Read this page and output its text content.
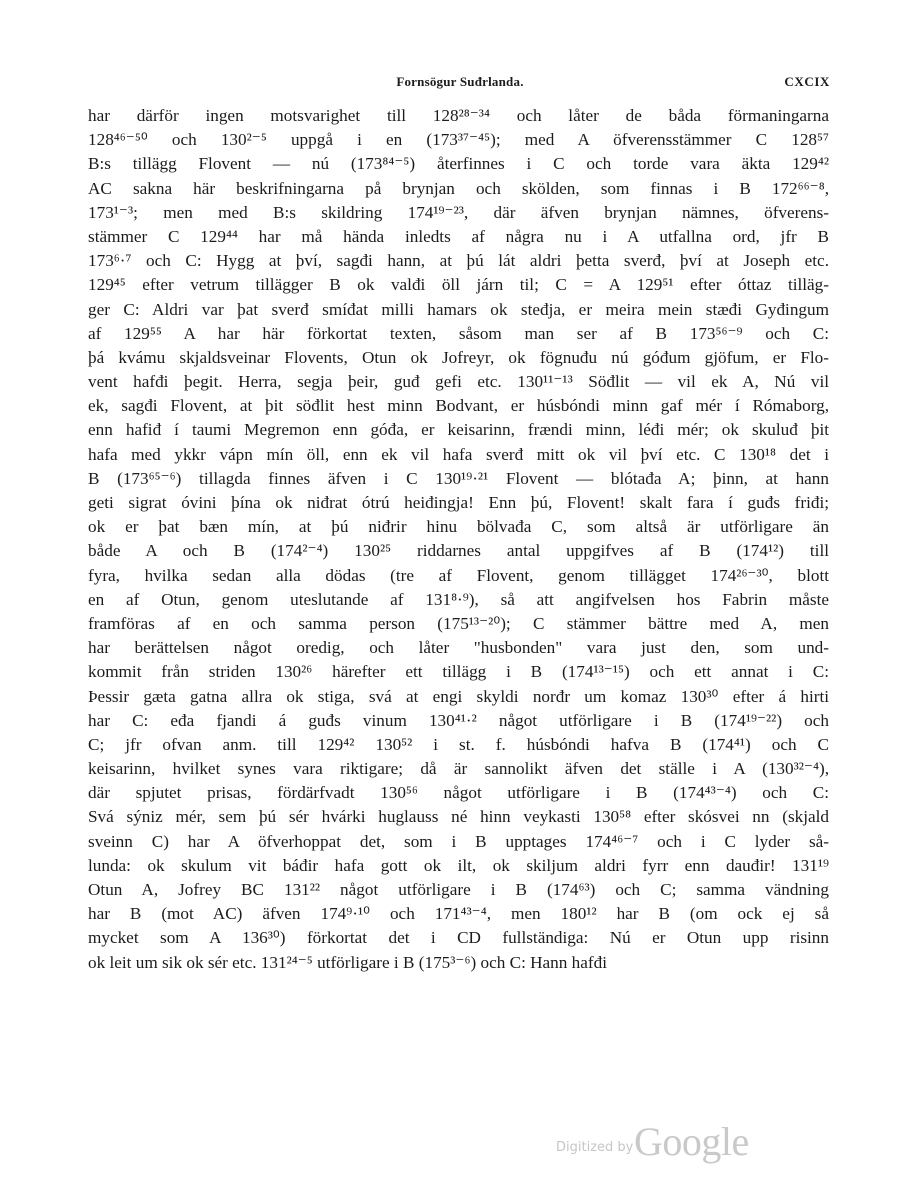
Fornsögur Suđrlanda.	CXCIX
har därför ingen motsvarighet till 128²⁸⁻³⁴ och låter de båda förmaningarna
128⁴⁶⁻⁵⁰ och 130²⁻⁵ uppgå i en (173³⁷⁻⁴⁵); med A öfverensstämmer C 128⁵⁷
B:s tillägg Flovent — nú (173⁸⁴⁻⁵) återfinnes i C och torde vara äkta 129⁴²
AC sakna här beskrifningarna på brynjan och skölden, som finnas i B 172⁶⁶⁻⁸,
173¹⁻³; men med B:s skildring 174¹⁹⁻²³, där äfven brynjan nämnes, öfverens-
stämmer C 129⁴⁴ har må hända inledts af några nu i A utfallna ord, jfr B
173⁶·⁷ och C: Hygg at því, sagđi hann, at þú lát aldri þetta sverđ, því at Joseph etc.
129⁴⁵ efter vetrum tillägger B ok valđi öll járn til; C = A 129⁵¹ efter óttaz tilläg-
ger C: Aldri var þat sverđ smíđat milli hamars ok steđja, er meira mein stæđi Gyđingum
af 129⁵⁵ A har här förkortat texten, såsom man ser af B 173⁵⁶⁻⁹ och C:
þá kvámu skjaldsveinar Flovents, Otun ok Jofreyr, ok fögnuđu nú góđum gjöfum, er Flo-
vent hafđi þegit. Herra, segja þeir, guđ gefi etc. 130¹¹⁻¹³ Söđlit — vil ek A, Nú vil
ek, sagđi Flovent, at þit söđlit hest minn Bodvant, er húsbóndi minn gaf mér í Rómaborg,
enn hafiđ í taumi Megremon enn góđa, er keisarinn, frændi minn, léđi mér; ok skuluđ þit
hafa med ykkr vápn mín öll, enn ek vil hafa sverđ mitt ok vil því etc. C 130¹⁸ det i
B (173⁶⁵⁻⁶) tillagda finnes äfven i C 130¹⁹·²¹ Flovent — blótađa A; þinn, at hann
geti sigrat óvini þína ok niđrat ótrú heiđingja! Enn þú, Flovent! skalt fara í guđs friđi;
ok er þat bæn mín, at þú niđrir hinu bölvađa C, som altså är utförligare än
både A och B (174²⁻⁴) 130²⁵ riddarnes antal uppgifves af B (174¹²) till
fyra, hvilka sedan alla dödas (tre af Flovent, genom tillägget 174²⁶⁻³⁰, blott
en af Otun, genom uteslutande af 131⁸·⁹), så att angifvelsen hos Fabrin måste
framföras af en och samma person (175¹³⁻²⁰); C stämmer bättre med A, men
har berättelsen något oredig, och låter "husbonden" vara just den, som und-
kommit från striden 130²⁶ härefter ett tillägg i B (174¹³⁻¹⁵) och ett annat i C:
Þessir gæta gatna allra ok stiga, svá at engi skyldi norđr um komaz 130³⁰ efter á hirti
har C: eđa fjandi á guđs vinum 130⁴¹·² något utförligare i B (174¹⁹⁻²²) och
C; jfr ofvan anm. till 129⁴² 130⁵² i st. f. húsbóndi hafva B (174⁴¹) och C
keisarinn, hvilket synes vara riktigare; då är sannolikt äfven det ställe i A (130³²⁻⁴),
där spjutet prisas, fördärfvadt 130⁵⁶ något utförligare i B (174⁴³⁻⁴) och C:
Svá sýniz mér, sem þú sér hvárki huglauss né hinn veykasti 130⁵⁸ efter skósvei nn (skjald
sveinn C) har A öfverhoppat det, som i B upptages 174⁴⁶⁻⁷ och i C lyder så-
lunda: ok skulum vit báđir hafa gott ok ilt, ok skiljum aldri fyrr enn dauđir! 131¹⁹
Otun A, Jofrey BC 131²² något utförligare i B (174⁶³) och C; samma vändning
har B (mot AC) äfven 174⁹·¹⁰ och 171⁴³⁻⁴, men 180¹² har B (om ock ej så
mycket som A 136³⁰) förkortat det i CD fullständiga: Nú er Otun upp risinn
ok leit um sik ok sér etc. 131²⁴⁻⁵ utförligare i B (175³⁻⁶) och C: Hann hafđi
Digitized by Google
